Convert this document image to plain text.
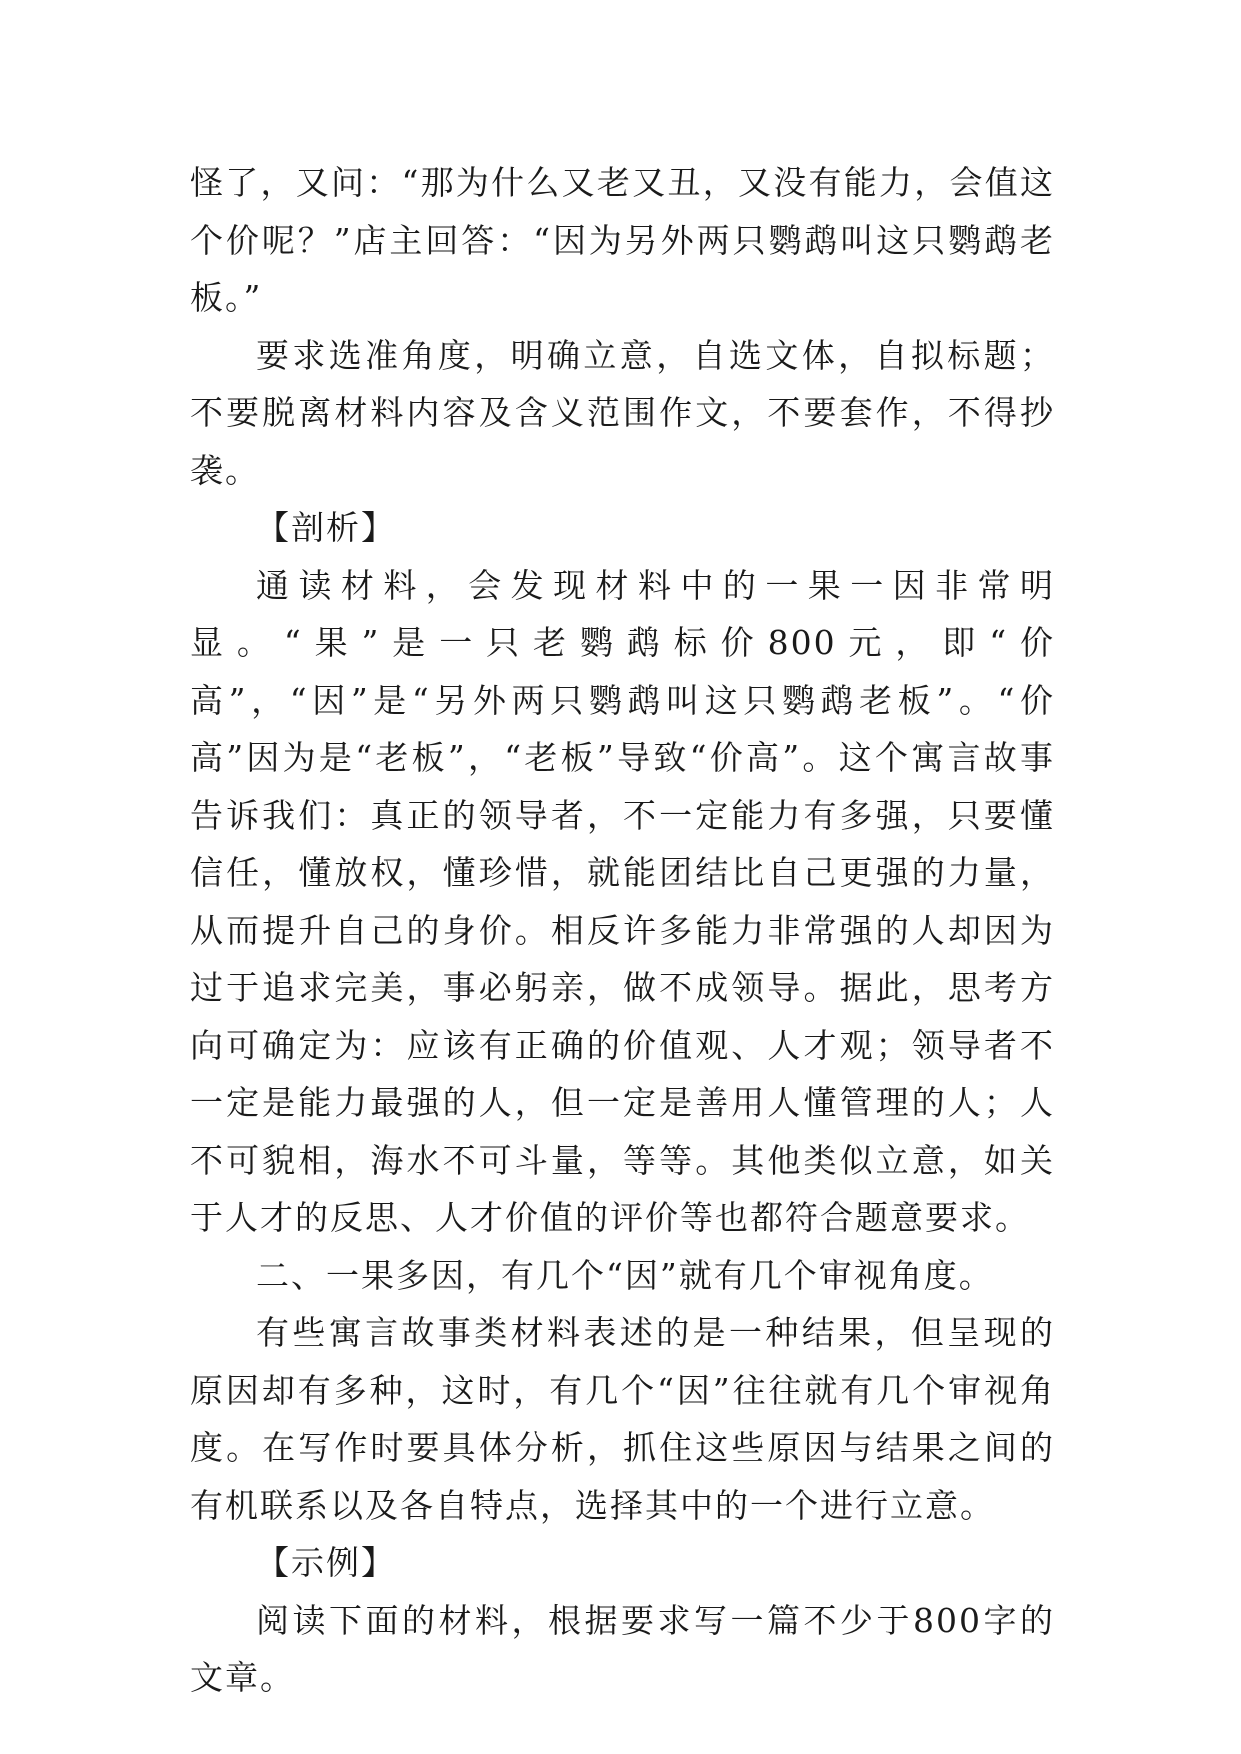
怪了，又问：“那为什么又老又丑，又没有能力，会值这个价呢？”店主回答：“因为另外两只鹦鹉叫这只鹦鹉老板。”

要求选准角度，明确立意，自选文体，自拟标题；不要脱离材料内容及含义范围作文，不要套作，不得抄袭。

【剖析】

通读材料，会发现材料中的一果一因非常明显。“果”是一只老鹦鹉标价800元，即“价高”，“因”是“另外两只鹦鹉叫这只鹦鹉老板”。“价高”因为是“老板”，“老板”导致“价高”。这个寓言故事告诉我们：真正的领导者，不一定能力有多强，只要懂信任，懂放权，懂珍惜，就能团结比自己更强的力量，从而提升自己的身价。相反许多能力非常强的人却因为过于追求完美，事必躬亲，做不成领导。据此，思考方向可确定为：应该有正确的价值观、人才观；领导者不一定是能力最强的人，但一定是善用人懂管理的人；人不可貌相，海水不可斗量，等等。其他类似立意，如关于人才的反思、人才价值的评价等也都符合题意要求。

二、一果多因，有几个“因”就有几个审视角度。

有些寓言故事类材料表述的是一种结果，但呈现的原因却有多种，这时，有几个“因”往往就有几个审视角度。在写作时要具体分析，抓住这些原因与结果之间的有机联系以及各自特点，选择其中的一个进行立意。

【示例】

阅读下面的材料，根据要求写一篇不少于800字的文章。
